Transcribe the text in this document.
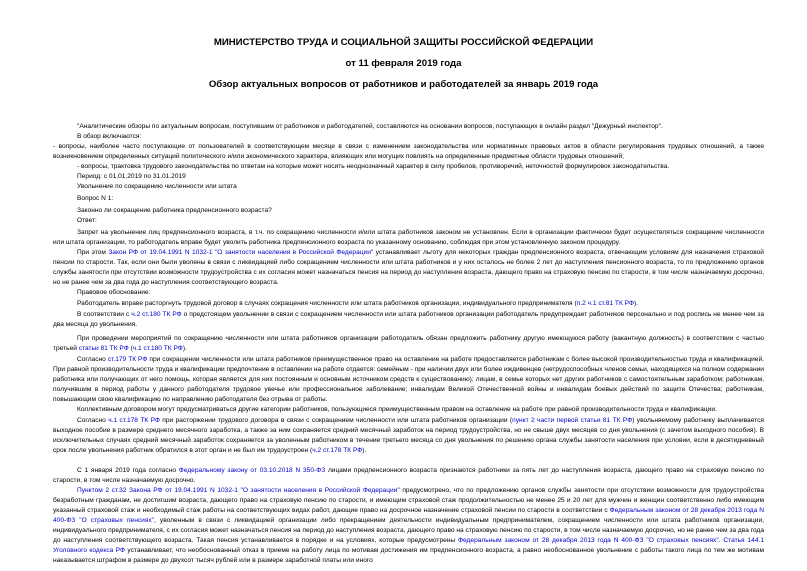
МИНИСТЕРСТВО ТРУДА И СОЦИАЛЬНОЙ ЗАЩИТЫ РОССИЙСКОЙ ФЕДЕРАЦИИ
от 11 февраля 2019 года
Обзор актуальных вопросов от работников и работодателей за январь 2019 года
"Аналитические обзоры по актуальным вопросам, поступившим от работников и работодателей, составляются на основании вопросов, поступающих в онлайн раздел "Дежурный инспектор".
В обзор включаются:
- вопросы, наиболее часто поступающие от пользователей в соответствующем месяце в связи с изменением законодательства или нормативных правовых актов в области регулирования трудовых отношений, а также возникновением определенных ситуаций политического и/или экономического характера, влияющих или могущих повлиять на определенные предметные области трудовых отношений;
- вопросы, трактовка трудового законодательства по ответам на которые может носить неоднозначный характер в силу пробелов, противоречий, неточностей формулировок законодательства.
Период: с 01.01.2019 по 31.01.2019
Увольнение по сокращению численности или штата
Вопрос N 1:
Законно ли сокращение работника предпенсионного возраста?
Ответ:
Запрет на увольнение лиц предпенсионного возраста, в т.ч. по сокращению численности и/или штата работников законом не установлен. Если в организации фактически будет осуществляться сокращение численности или штата организации, то работодатель вправе будет уволить работника предпенсионного возраста по указанному основанию, соблюдая при этом установленную законом процедуру.
При этом Закон РФ от 19.04.1991 N 1032-1 "О занятости населения в Российской Федерации" устанавливает льготу для некоторых граждан предпенсионного возраста, отвечающим условиям для назначения страховой пенсии по старости. Так, если они были уволены в связи с ликвидацией либо сокращением численности или штата работников и у них осталось не более 2 лет до наступления пенсионного возраста, то по предложению органов службы занятости при отсутствии возможности трудоустройства с их согласия может назначаться пенсия на период до наступления возраста, дающего право на страховую пенсию по старости, в том числе назначаемую досрочно, но не ранее чем за два года до наступления соответствующего возраста.
Правовое обоснование:
Работодатель вправе расторгнуть трудовой договор в случаях сокращения численности или штата работников организации, индивидуального предпринимателя (п.2 ч.1 ст.81 ТК РФ).
В соответствии с ч.2 ст.180 ТК РФ о предстоящем увольнении в связи с сокращением численности или штата работников организации работодатель предупреждает работников персонально и под роспись не менее чем за два месяца до увольнения.
При проведении мероприятий по сокращению численности или штата работников организации работодатель обязан предложить работнику другую имеющуюся работу (вакантную должность) в соответствии с частью третьей статьи 81 ТК РФ (ч.1 ст.180 ТК РФ).
Согласно ст.179 ТК РФ при сокращении численности или штата работников преимущественное право на оставление на работе предоставляется работникам с более высокой производительностью труда и квалификацией. При равной производительности труда и квалификации предпочтение в оставлении на работе отдается: семейным - при наличии двух или более иждивенцев (нетрудоспособных членов семьи, находящихся на полном содержании работника или получающих от него помощь, которая является для них постоянным и основным источником средств к существованию); лицам, в семье которых нет других работников с самостоятельным заработком; работникам, получившим в период работы у данного работодателя трудовое увечье или профессиональное заболевание; инвалидам Великой Отечественной войны и инвалидам боевых действий по защите Отечества; работникам, повышающим свою квалификацию по направлению работодателя без отрыва от работы.
Коллективным договором могут предусматриваться другие категории работников, пользующиеся преимущественным правом на оставление на работе при равной производительности труда и квалификации.
Согласно ч.1 ст.178 ТК РФ при расторжении трудового договора в связи с сокращением численности или штата работников организации (пункт 2 части первой статьи 81 ТК РФ) увольняемому работнику выплачивается выходное пособие в размере среднего месячного заработка, а также за ним сохраняется средний месячный заработок на период трудоустройства, но не свыше двух месяцев со дня увольнения (с зачетом выходного пособия). В исключительных случаях средний месячный заработок сохраняется за уволенным работником в течение третьего месяца со дня увольнения по решению органа службы занятости населения при условии, если в десятидневный срок после увольнения работник обратился в этот орган и не был им трудоустроен (ч.2 ст.178 ТК РФ).
С 1 января 2019 года согласно Федеральному закону от 03.10.2018 N 350-ФЗ лицами предпенсионного возраста признаются работники за пять лет до наступления возраста, дающего право на страховую пенсию по старости, в том числе назначаемую досрочно.
Пунктом 2 ст.32 Закона РФ от 19.04.1991 N 1032-1 "О занятости населения в Российской Федерации" предусмотрено, что по предложению органов службы занятости при отсутствии возможности для трудоустройства безработным гражданам, не достигшим возраста, дающего право на страховую пенсию по старости, и имеющим страховой стаж продолжительностью не менее 25 и 20 лет для мужчин и женщин соответственно либо имеющим указанный страховой стаж и необходимый стаж работы на соответствующих видах работ, дающие право на досрочное назначение страховой пенсии по старости в соответствии с Федеральным законом от 28 декабря 2013 года N 400-ФЗ "О страховых пенсиях", уволенным в связи с ликвидацией организации либо прекращением деятельности индивидуальным предпринимателем, сокращением численности или штата работников организации, индивидуального предпринимателя, с их согласия может назначаться пенсия на период до наступления возраста, дающего право на страховую пенсию по старости, в том числе назначаемую досрочно, но не ранее чем за два года до наступления соответствующего возраста. Такая пенсия устанавливается в порядке и на условиях, которые предусмотрены Федеральным законом от 28 декабря 2013 года N 400-ФЗ "О страховых пенсиях". Статья 144.1 Уголовного кодекса РФ устанавливает, что необоснованный отказ в приеме на работу лица по мотивам достижения им предпенсионного возраста, а равно необоснованное увольнение с работы такого лица по тем же мотивам наказывается штрафом в размере до двухсот тысяч рублей или в размере заработной платы или иного
